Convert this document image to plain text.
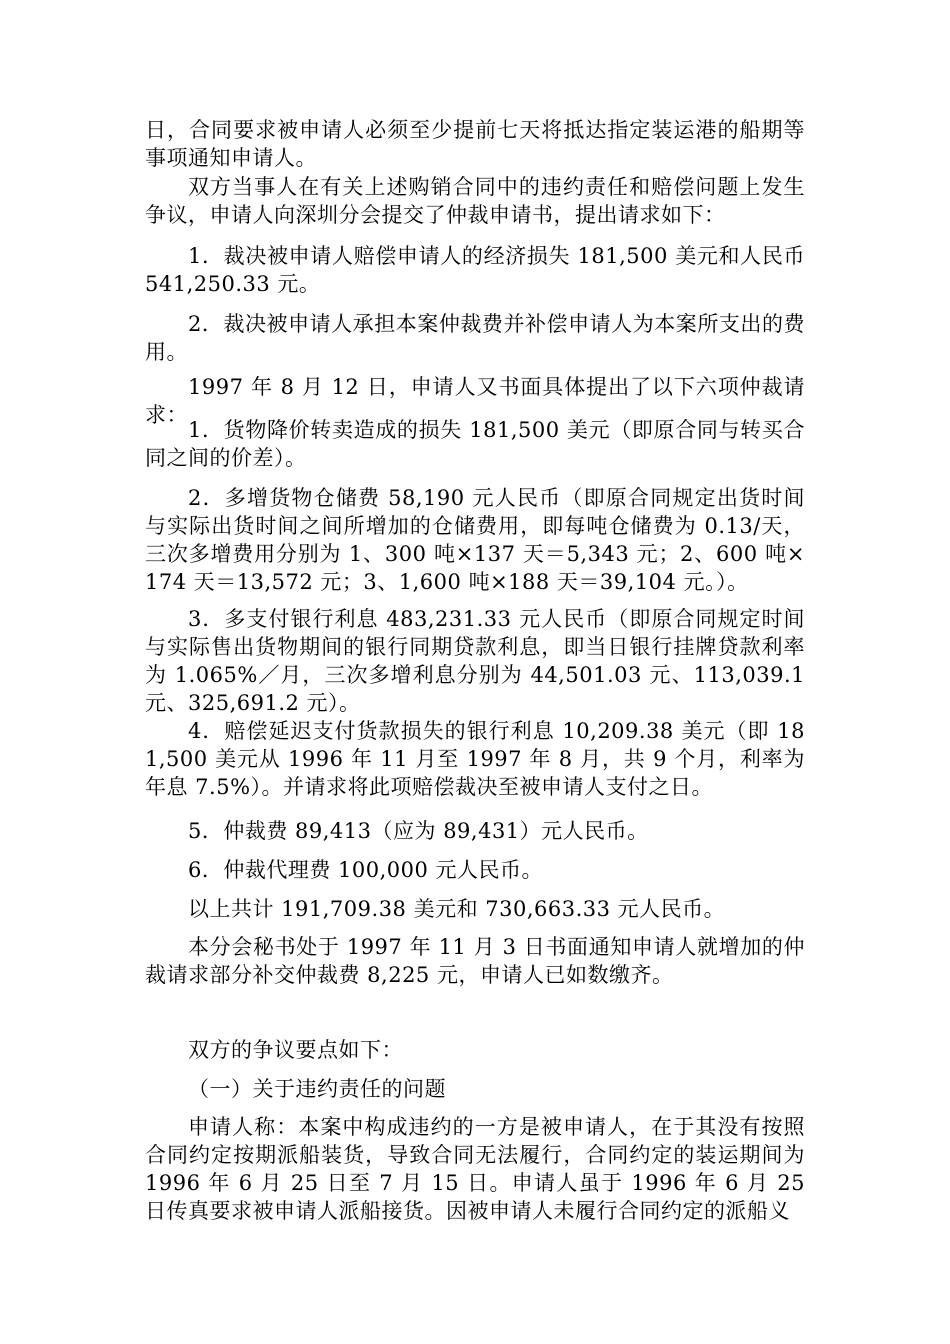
日，合同要求被申请人必须至少提前七天将抵达指定装运港的船期等事项通知申请人。

双方当事人在有关上述购销合同中的违约责任和赔偿问题上发生争议，申请人向深圳分会提交了仲裁申请书，提出请求如下：

1．裁决被申请人赔偿申请人的经济损失 181,500 美元和人民币 541,250.33 元。

2．裁决被申请人承担本案仲裁费并补偿申请人为本案所支出的费用。

1997 年 8 月 12 日，申请人又书面具体提出了以下六项仲裁请求：

1．货物降价转卖造成的损失 181,500 美元（即原合同与转买合同之间的价差）。

2．多增货物仓储费 58,190 元人民币（即原合同规定出货时间与实际出货时间之间所增加的仓储费用，即每吨仓储费为 0.13/天，三次多增费用分别为 1、300 吨×137 天＝5,343 元；2、600 吨×174 天＝13,572 元；3、1,600 吨×188 天＝39,104 元。）。

3．多支付银行利息 483,231.33 元人民币（即原合同规定时间与实际售出货物期间的银行同期贷款利息，即当日银行挂牌贷款利率为 1.065%／月，三次多增利息分别为 44,501.03 元、113,039.1 元、325,691.2 元）。

4．赔偿延迟支付货款损失的银行利息 10,209.38 美元（即 181,500 美元从 1996 年 11 月至 1997 年 8 月，共 9 个月，利率为年息 7.5%）。并请求将此项赔偿裁决至被申请人支付之日。

5．仲裁费 89,413（应为 89,431）元人民币。

6．仲裁代理费 100,000 元人民币。

以上共计 191,709.38 美元和 730,663.33 元人民币。

本分会秘书处于 1997 年 11 月 3 日书面通知申请人就增加的仲裁请求部分补交仲裁费 8,225 元，申请人已如数缴齐。

双方的争议要点如下：

（一）关于违约责任的问题

申请人称：本案中构成违约的一方是被申请人，在于其没有按照合同约定按期派船装货，导致合同无法履行，合同约定的装运期间为 1996 年 6 月 25 日至 7 月 15 日。申请人虽于 1996 年 6 月 25 日传真要求被申请人派船接货。因被申请人未履行合同约定的派船义
